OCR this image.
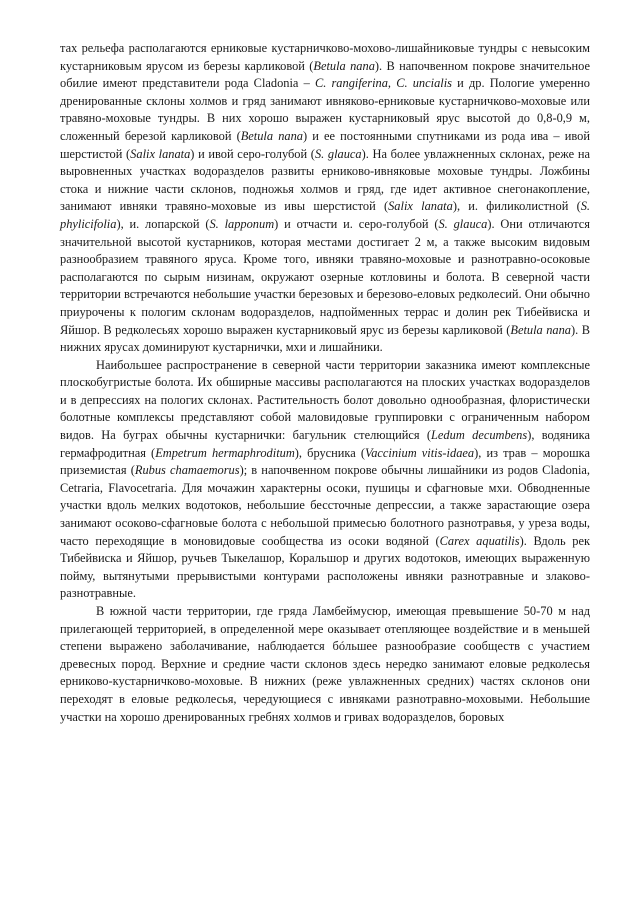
тах рельефа располагаются ерниковые кустарничково-мохово-лишайниковые тундры с невысоким кустарниковым ярусом из березы карликовой (Betula nana). В напочвенном покрове значительное обилие имеют представители рода Cladonia – C. rangiferina, C. uncialis и др. Пологие умеренно дренированные склоны холмов и гряд занимают ивняково-ерниковые кустарничково-моховые или травяно-моховые тундры. В них хорошо выражен кустарниковый ярус высотой до 0,8-0,9 м, сложенный березой карликовой (Betula nana) и ее постоянными спутниками из рода ива – ивой шерстистой (Salix lanata) и ивой серо-голубой (S. glauca). На более увлажненных склонах, реже на выровненных участках водоразделов развиты ерниково-ивняковые моховые тундры. Ложбины стока и нижние части склонов, подножья холмов и гряд, где идет активное снегонакопление, занимают ивняки травяно-моховые из ивы шерстистой (Salix lanata), и. филиколистной (S. phylicifolia), и. лопарской (S. lapponum) и отчасти и. серо-голубой (S. glauca). Они отличаются значительной высотой кустарников, которая местами достигает 2 м, а также высоким видовым разнообразием травяного яруса. Кроме того, ивняки травяно-моховые и разнотравно-осоковые располагаются по сырым низинам, окружают озерные котловины и болота. В северной части территории встречаются небольшие участки березовых и березово-еловых редколесий. Они обычно приурочены к пологим склонам водоразделов, надпойменных террас и долин рек Тибейвиска и Яйшор. В редколесьях хорошо выражен кустарниковый ярус из березы карликовой (Betula nana). В нижних ярусах доминируют кустарнички, мхи и лишайники.

Наибольшее распространение в северной части территории заказника имеют комплексные плоскобугристые болота. Их обширные массивы располагаются на плоских участках водоразделов и в депрессиях на пологих склонах. Растительность болот довольно однообразная, флористически болотные комплексы представляют собой маловидовые группировки с ограниченным набором видов. На буграх обычны кустарнички: багульник стелющийся (Ledum decumbens), водяника гермафродитная (Empetrum hermaphroditum), брусника (Vaccinium vitis-idaea), из трав – морошка приземистая (Rubus chamaemorus); в напочвенном покрове обычны лишайники из родов Cladonia, Cetraria, Flavocetraria. Для мочажин характерны осоки, пушицы и сфагновые мхи. Обводненные участки вдоль мелких водотоков, небольшие бессточные депрессии, а также зарастающие озера занимают осоково-сфагновые болота с небольшой примесью болотного разнотравья, у уреза воды, часто переходящие в моновидовые сообщества из осоки водяной (Carex aquatilis). Вдоль рек Тибейвиска и Яйшор, ручьев Тыкелашор, Коральшор и других водотоков, имеющих выраженную пойму, вытянутыми прерывистыми контурами расположены ивняки разнотравные и злаково-разнотравные.

В южной части территории, где гряда Ламбеймусюр, имеющая превышение 50-70 м над прилегающей территорией, в определенной мере оказывает отепляющее воздействие и в меньшей степени выражено заболачивание, наблюдается бóльшее разнообразие сообществ с участием древесных пород. Верхние и средние части склонов здесь нередко занимают еловые редколесья ерниково-кустарничково-моховые. В нижних (реже увлажненных средних) частях склонов они переходят в еловые редколесья, чередующиеся с ивняками разнотравно-моховыми. Небольшие участки на хорошо дренированных гребнях холмов и гривах водоразделов, боровых
